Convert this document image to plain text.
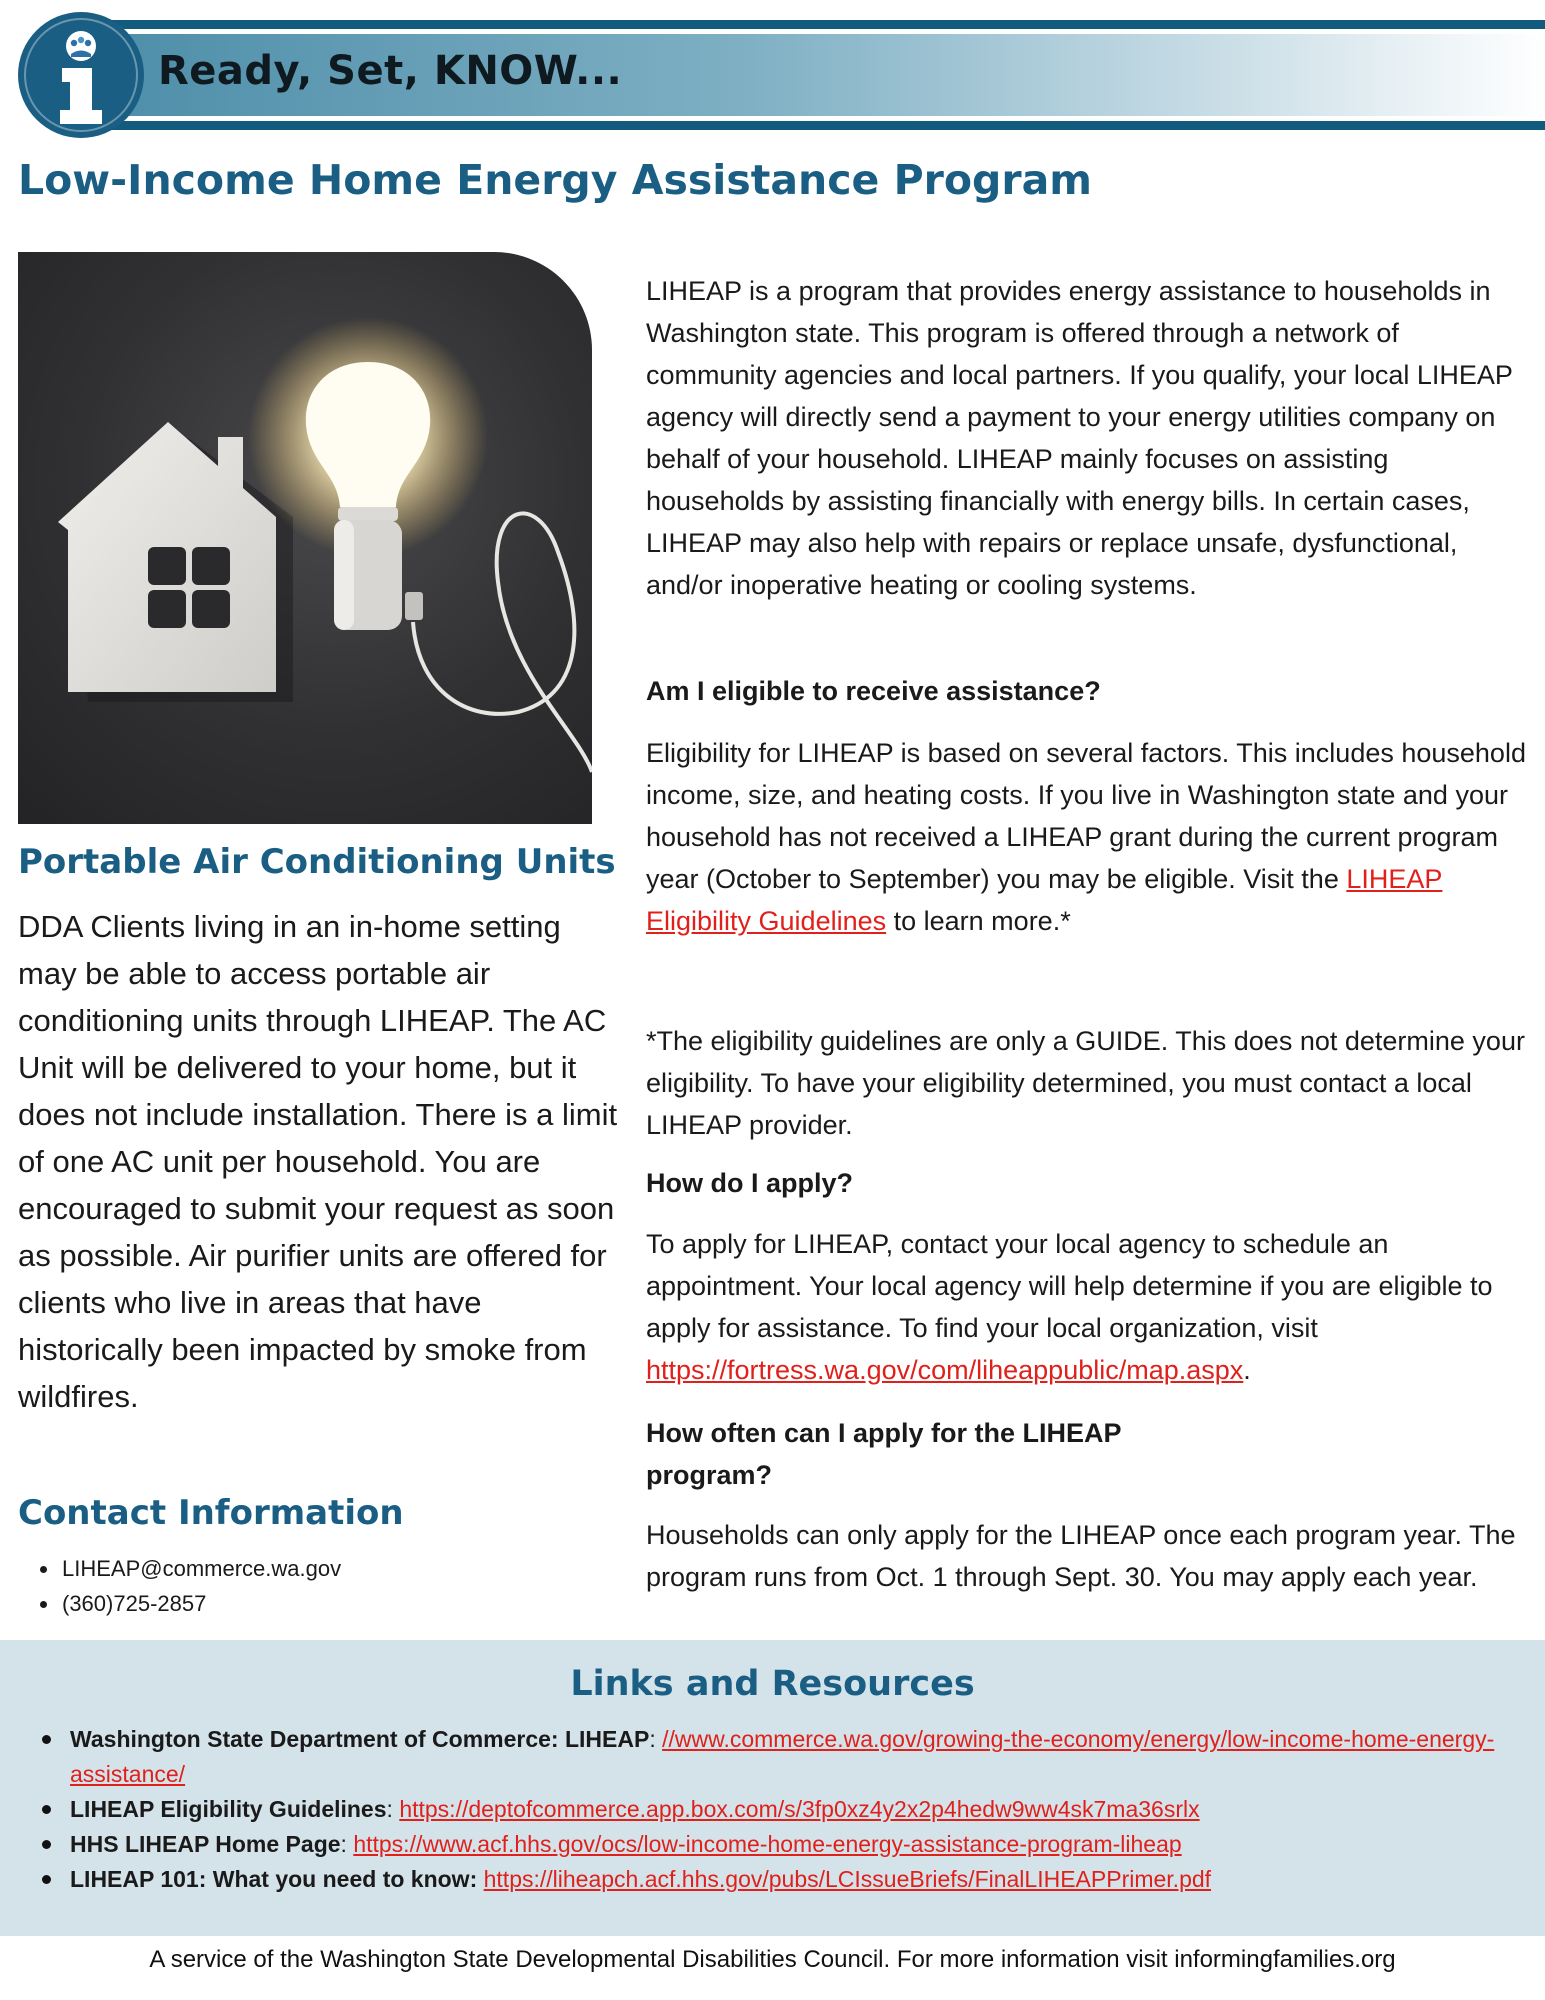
Ready, Set, KNOW...
Low-Income Home Energy Assistance Program
Portable Air Conditioning Units
DDA Clients living in an in-home setting may be able to access portable air conditioning units through LIHEAP. The AC Unit will be delivered to your home, but it does not include installation. There is a limit of one AC unit per household. You are encouraged to submit your request as soon as possible. Air purifier units are offered for clients who live in areas that have historically been impacted by smoke from wildfires.
Contact Information
LIHEAP@commerce.wa.gov
(360)725-2857
LIHEAP is a program that provides energy assistance to households in Washington state. This program is offered through a network of community agencies and local partners. If you qualify, your local LIHEAP agency will directly send a payment to your energy utilities company on behalf of your household. LIHEAP mainly focuses on assisting households by assisting financially with energy bills. In certain cases, LIHEAP may also help with repairs or replace unsafe, dysfunctional, and/or inoperative heating or cooling systems.
Am I eligible to receive assistance?
Eligibility for LIHEAP is based on several factors. This includes household income, size, and heating costs. If you live in Washington state and your household has not received a LIHEAP grant during the current program year (October to September) you may be eligible. Visit the LIHEAP Eligibility Guidelines to learn more.*
*The eligibility guidelines are only a GUIDE. This does not determine your eligibility. To have your eligibility determined, you must contact a local LIHEAP provider.
How do I apply?
To apply for LIHEAP, contact your local agency to schedule an appointment. Your local agency will help determine if you are eligible to apply for assistance. To find your local organization, visit https://fortress.wa.gov/com/liheappublic/map.aspx.
How often can I apply for the LIHEAP
program?
Households can only apply for the LIHEAP once each program year. The program runs from Oct. 1 through Sept. 30. You may apply each year.
Links and Resources
Washington State Department of Commerce: LIHEAP: //www.commerce.wa.gov/growing-the-economy/energy/low-income-home-energy-assistance/
LIHEAP Eligibility Guidelines: https://deptofcommerce.app.box.com/s/3fp0xz4y2x2p4hedw9ww4sk7ma36srlx
HHS LIHEAP Home Page: https://www.acf.hhs.gov/ocs/low-income-home-energy-assistance-program-liheap
LIHEAP 101: What you need to know: https://liheapch.acf.hhs.gov/pubs/LCIssueBriefs/FinalLIHEAPPrimer.pdf
A service of the Washington State Developmental Disabilities Council. For more information visit informingfamilies.org
